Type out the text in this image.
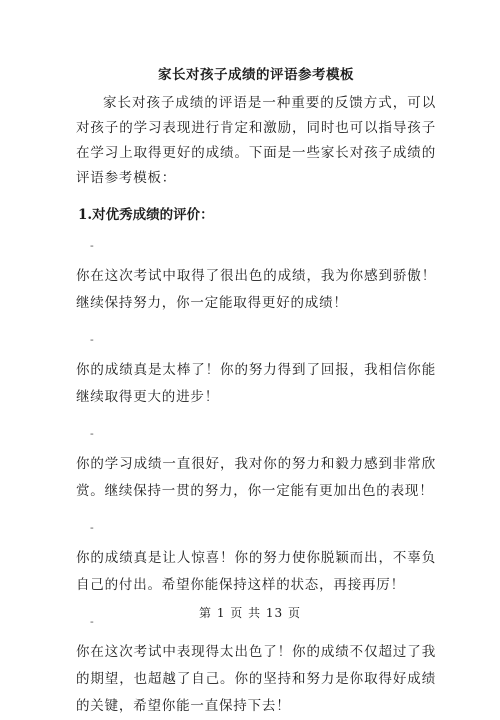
家长对孩子成绩的评语参考模板

家长对孩子成绩的评语是一种重要的反馈方式，可以对孩子的学习表现进行肯定和激励，同时也可以指导孩子在学习上取得更好的成绩。下面是一些家长对孩子成绩的评语参考模板：

1.对优秀成绩的评价：

-

你在这次考试中取得了很出色的成绩，我为你感到骄傲！继续保持努力，你一定能取得更好的成绩！

-

你的成绩真是太棒了！你的努力得到了回报，我相信你能继续取得更大的进步！

-

你的学习成绩一直很好，我对你的努力和毅力感到非常欣赏。继续保持一贯的努力，你一定能有更加出色的表现！

-

你的成绩真是让人惊喜！你的努力使你脱颖而出，不辜负自己的付出。希望你能保持这样的状态，再接再厉！

-

你在这次考试中表现得太出色了！你的成绩不仅超过了我的期望，也超越了自己。你的坚持和努力是你取得好成绩的关键，希望你能一直保持下去！

第 1 页 共 13 页
